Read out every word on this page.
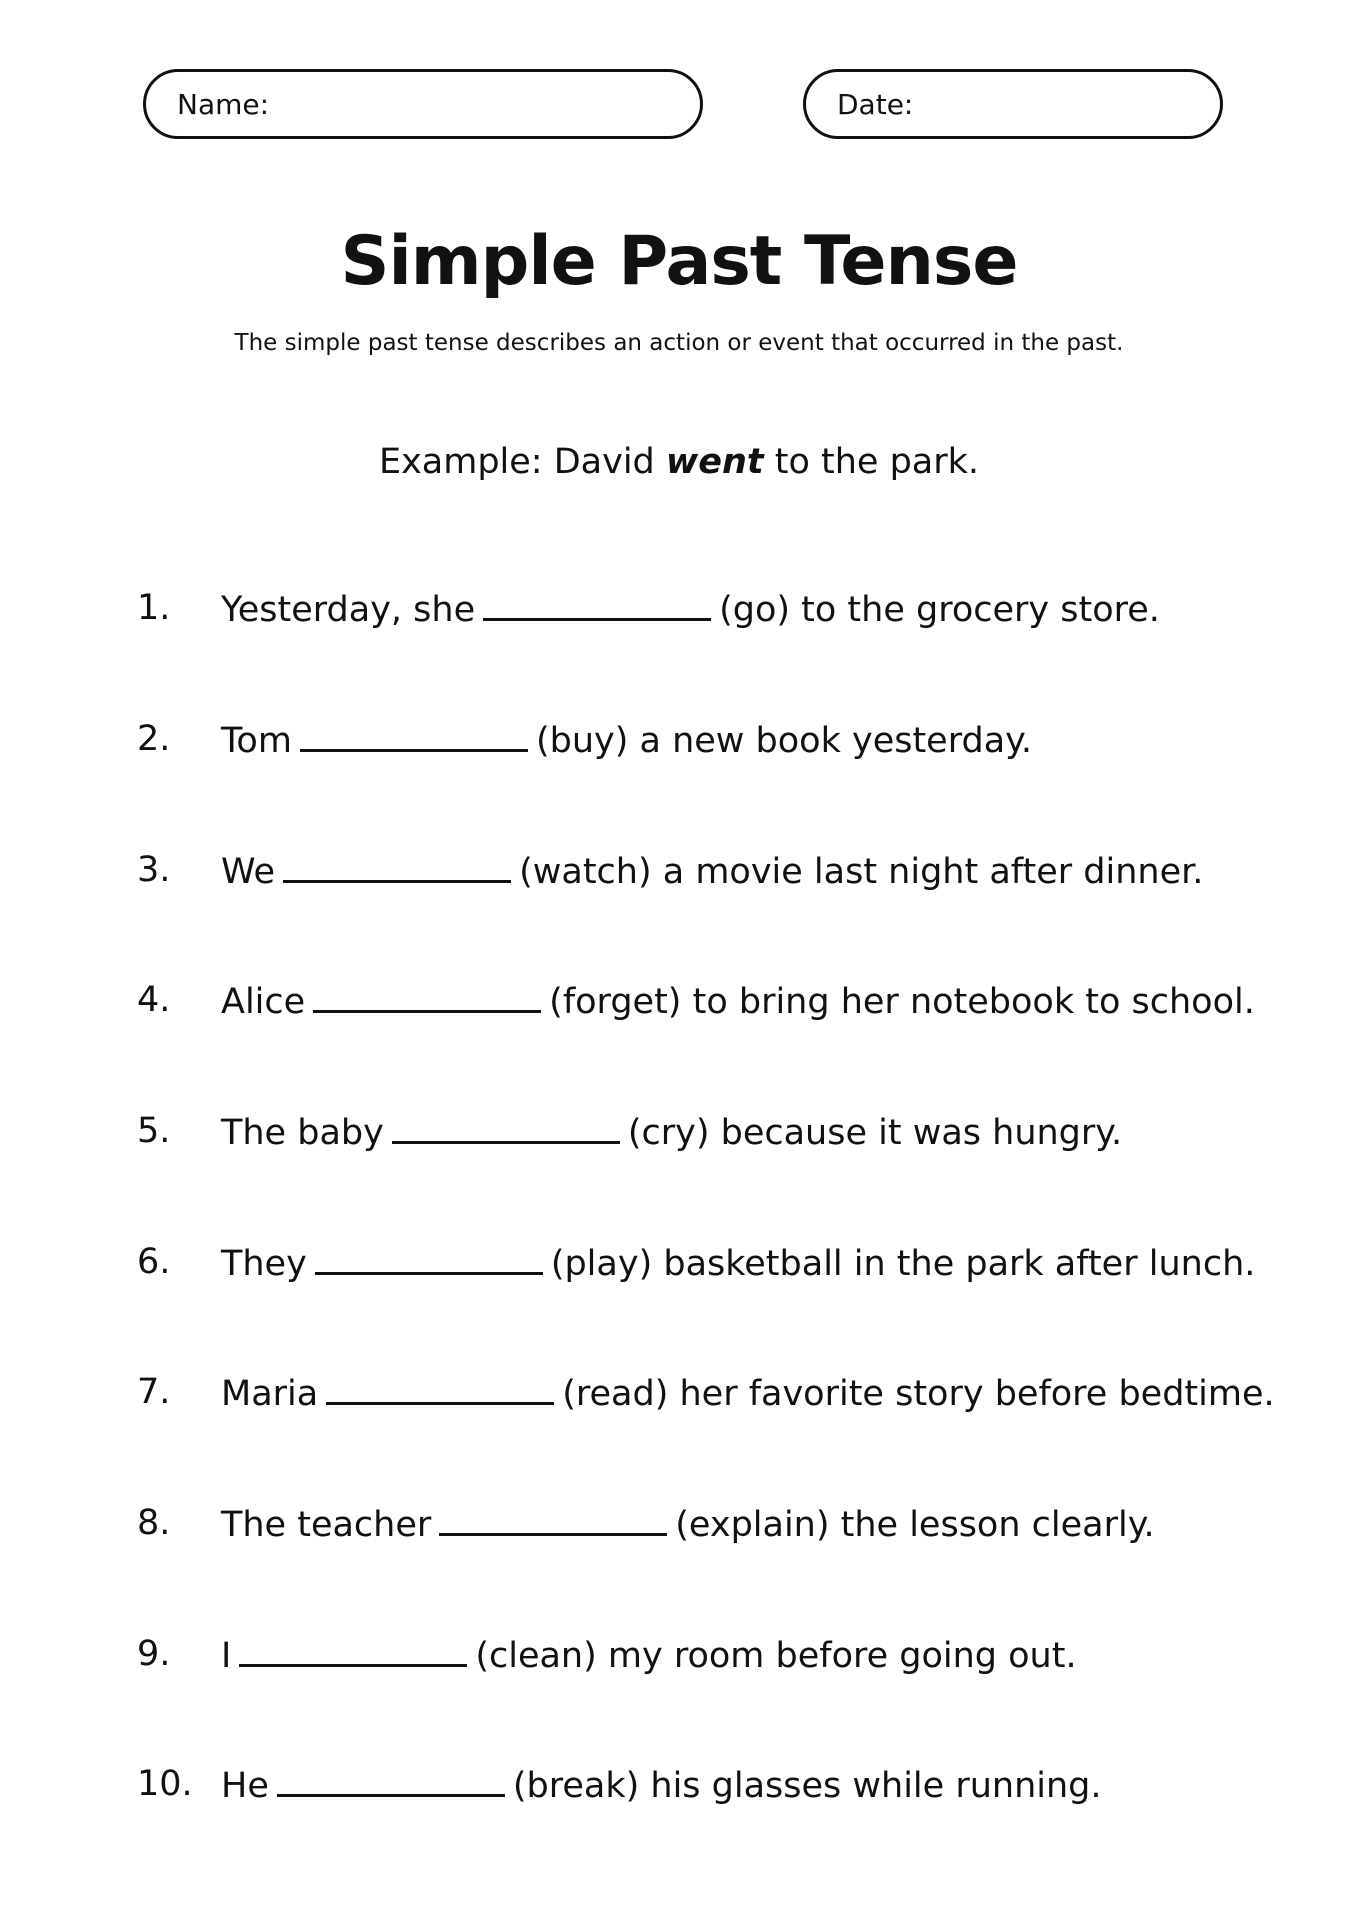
Name:	Date:
Simple Past Tense
The simple past tense describes an action or event that occurred in the past.
Example: David went to the park.
1. Yesterday, she	(go) to the grocery store.
2. Tom	(buy) a new book yesterday.
3. We	(watch) a movie last night after dinner.
4. Alice	(forget) to bring her notebook to school.
5. The baby	(cry) because it was hungry.
6. They	(play) basketball in the park after lunch.
7. Maria	(read) her favorite story before bedtime.
8. The teacher	(explain) the lesson clearly.
9. I	(clean) my room before going out.
10. He	(break) his glasses while running.
